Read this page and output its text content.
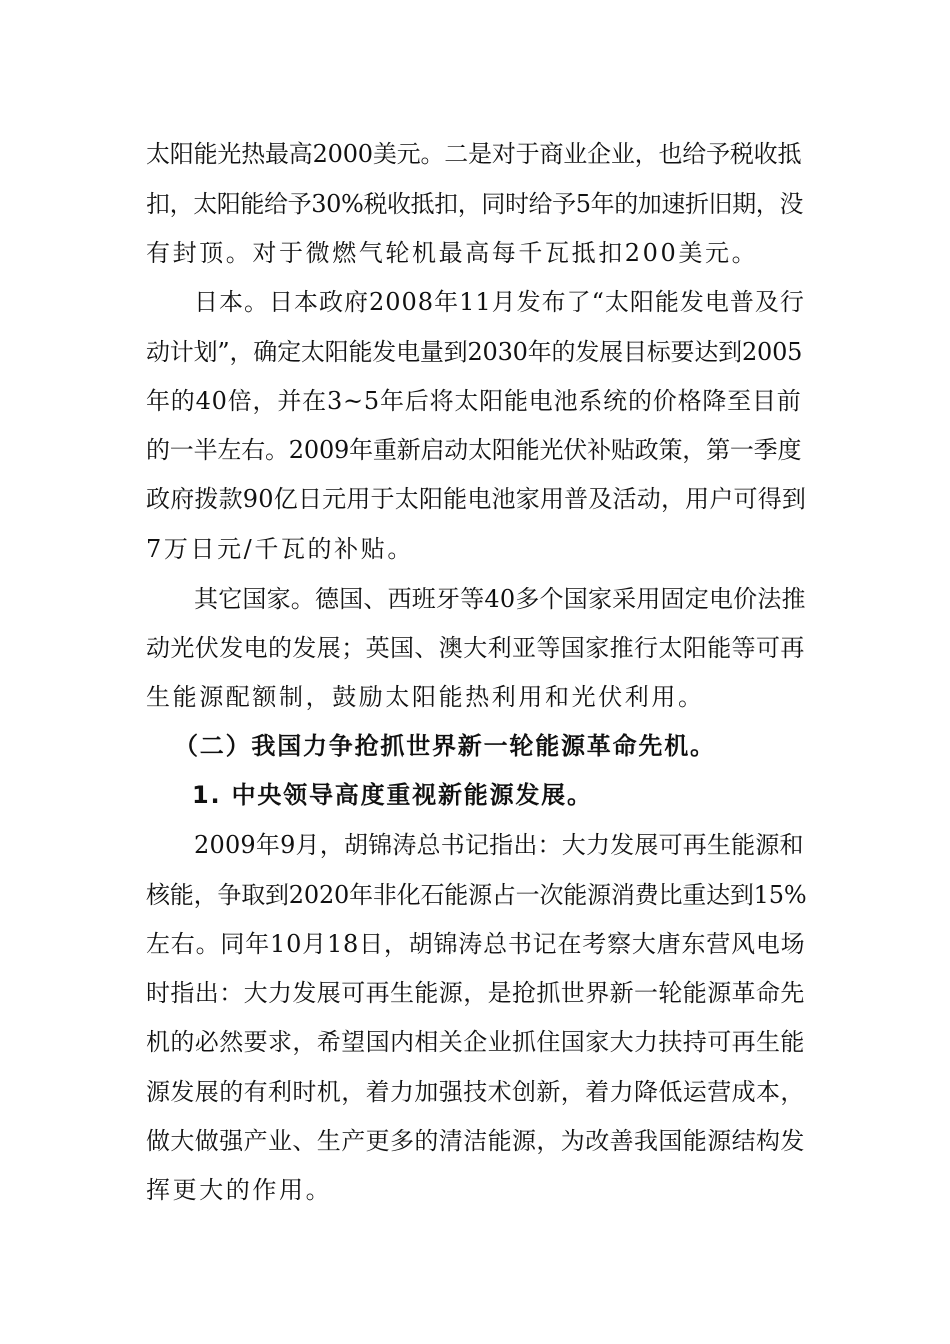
太阳能光热最高2000美元。二是对于商业企业，也给予税收抵
扣，太阳能给予30%税收抵扣，同时给予5年的加速折旧期，没
有封顶。对于微燃气轮机最高每千瓦抵扣200美元。
日本。日本政府2008年11月发布了“太阳能发电普及行
动计划”，确定太阳能发电量到2030年的发展目标要达到2005
年的40倍，并在3~5年后将太阳能电池系统的价格降至目前
的一半左右。2009年重新启动太阳能光伏补贴政策，第一季度
政府拨款90亿日元用于太阳能电池家用普及活动，用户可得到
7万日元/千瓦的补贴。
其它国家。德国、西班牙等40多个国家采用固定电价法推
动光伏发电的发展；英国、澳大利亚等国家推行太阳能等可再
生能源配额制，鼓励太阳能热利用和光伏利用。
（二）我国力争抢抓世界新一轮能源革命先机。
1. 中央领导高度重视新能源发展。
2009年9月，胡锦涛总书记指出：大力发展可再生能源和
核能，争取到2020年非化石能源占一次能源消费比重达到15%
左右。同年10月18日，胡锦涛总书记在考察大唐东营风电场
时指出：大力发展可再生能源，是抢抓世界新一轮能源革命先
机的必然要求，希望国内相关企业抓住国家大力扶持可再生能
源发展的有利时机，着力加强技术创新，着力降低运营成本，
做大做强产业、生产更多的清洁能源，为改善我国能源结构发
挥更大的作用。
